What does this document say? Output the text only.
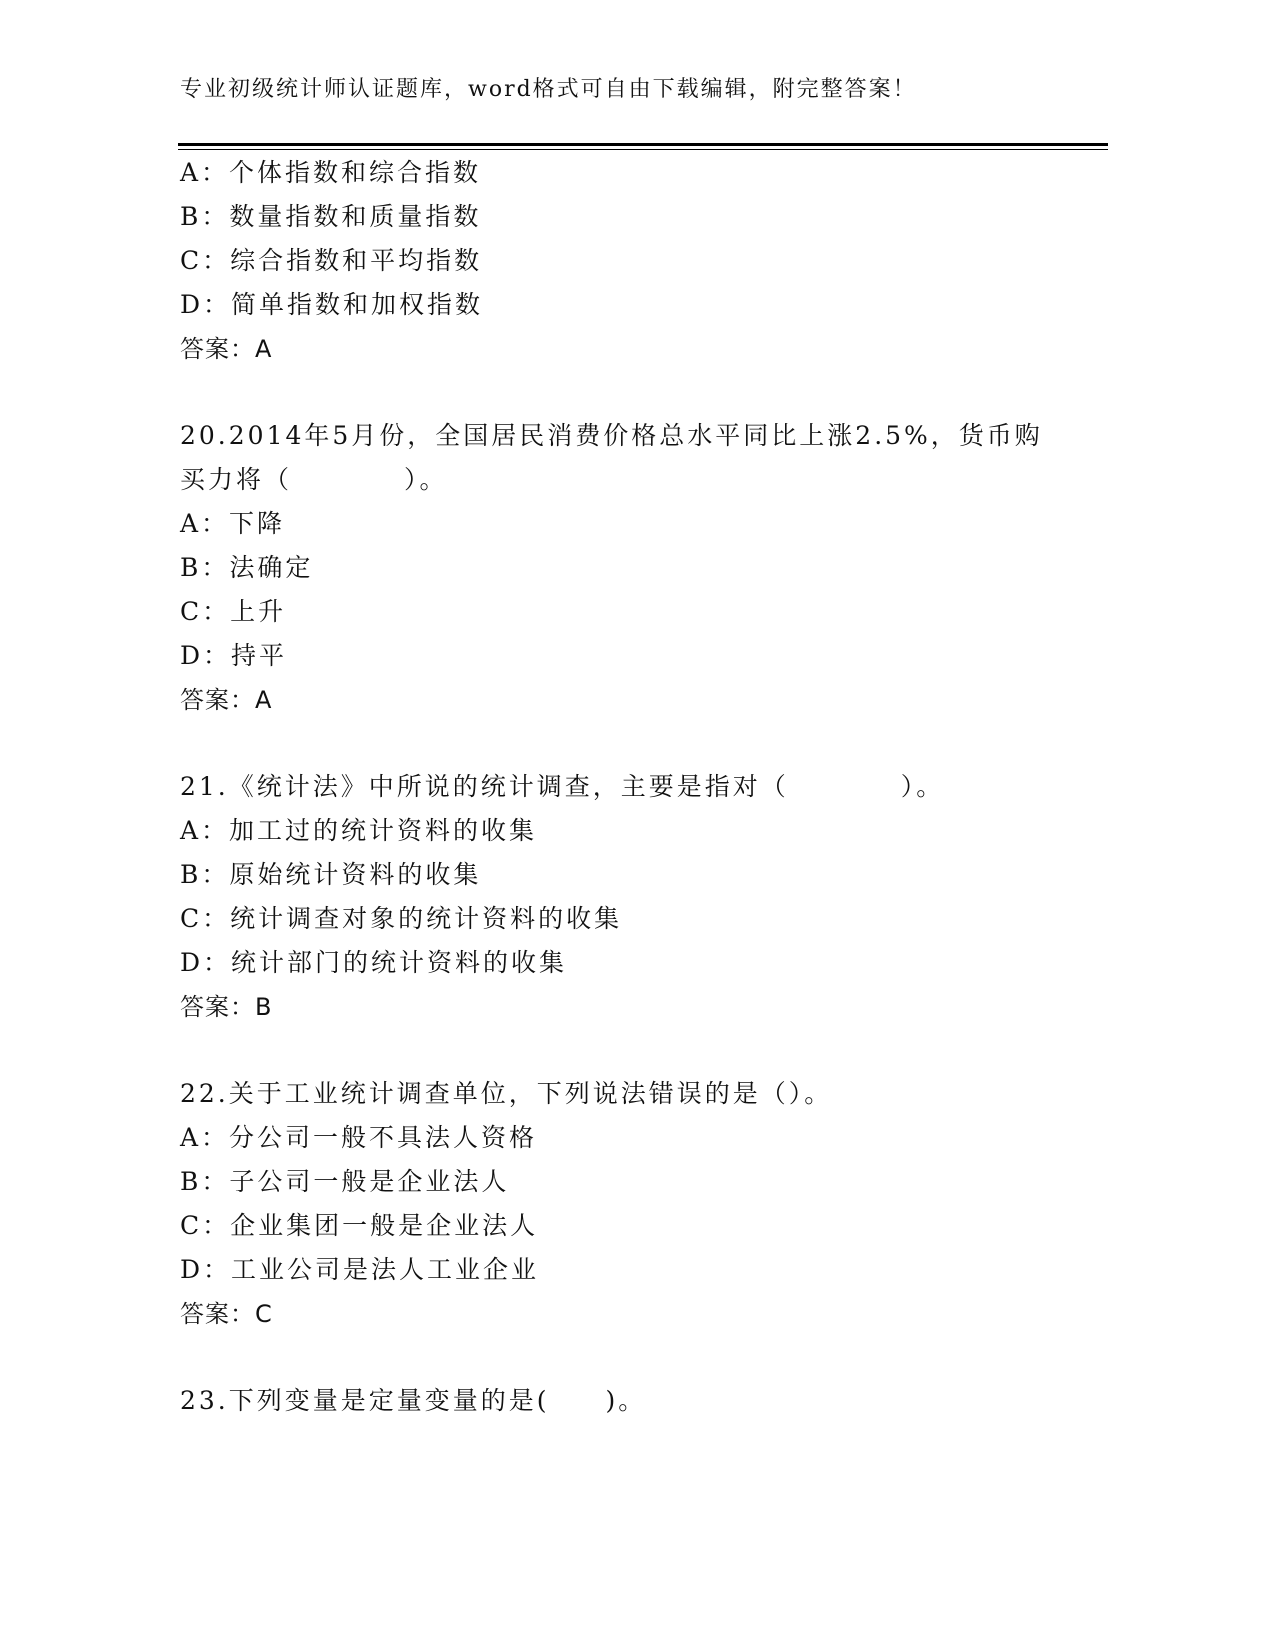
专业初级统计师认证题库，word格式可自由下载编辑，附完整答案！
A：个体指数和综合指数
B：数量指数和质量指数
C：综合指数和平均指数
D：简单指数和加权指数
答案：A
20.2014年5月份，全国居民消费价格总水平同比上涨2.5%，货币购
买力将（　　　　）。
A：下降
B：法确定
C：上升
D：持平
答案：A
21.《统计法》中所说的统计调查，主要是指对（　　　　）。
A：加工过的统计资料的收集
B：原始统计资料的收集
C：统计调查对象的统计资料的收集
D：统计部门的统计资料的收集
答案：B
22.关于工业统计调查单位，下列说法错误的是（）。
A：分公司一般不具法人资格
B：子公司一般是企业法人
C：企业集团一般是企业法人
D：工业公司是法人工业企业
答案：C
23.下列变量是定量变量的是(　　)。
